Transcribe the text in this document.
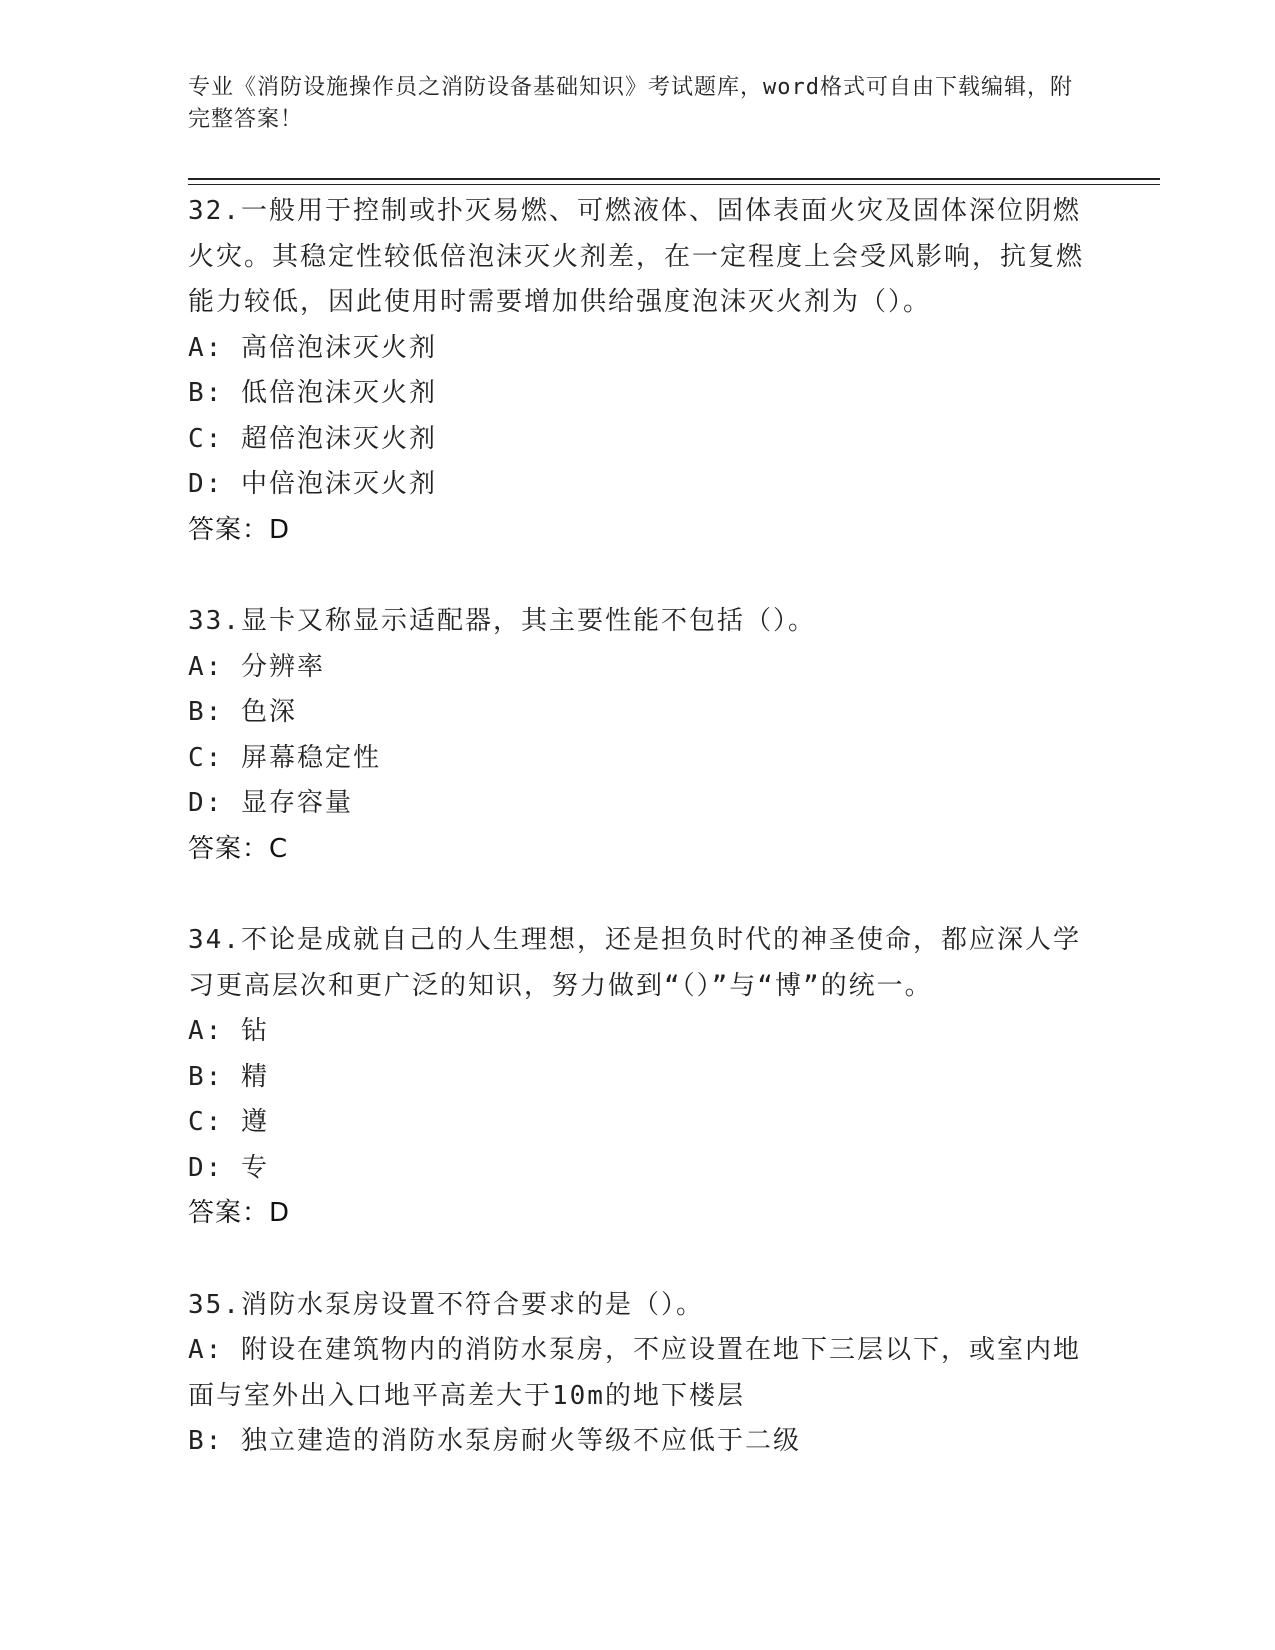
专业《消防设施操作员之消防设备基础知识》考试题库，word格式可自由下载编辑，附完整答案！
32.一般用于控制或扑灭易燃、可燃液体、固体表面火灾及固体深位阴燃火灾。其稳定性较低倍泡沫灭火剂差，在一定程度上会受风影响，抗复燃能力较低，因此使用时需要增加供给强度泡沫灭火剂为（）。
A: 高倍泡沫灭火剂
B: 低倍泡沫灭火剂
C: 超倍泡沫灭火剂
D: 中倍泡沫灭火剂
答案：D
33.显卡又称显示适配器，其主要性能不包括（）。
A: 分辨率
B: 色深
C: 屏幕稳定性
D: 显存容量
答案：C
34.不论是成就自己的人生理想，还是担负时代的神圣使命，都应深人学习更高层次和更广泛的知识，努力做到“（）”与“博”的统一。
A: 钻
B: 精
C: 遵
D: 专
答案：D
35.消防水泵房设置不符合要求的是（）。
A: 附设在建筑物内的消防水泵房，不应设置在地下三层以下，或室内地面与室外出入口地平高差大于10m的地下楼层
B: 独立建造的消防水泵房耐火等级不应低于二级
